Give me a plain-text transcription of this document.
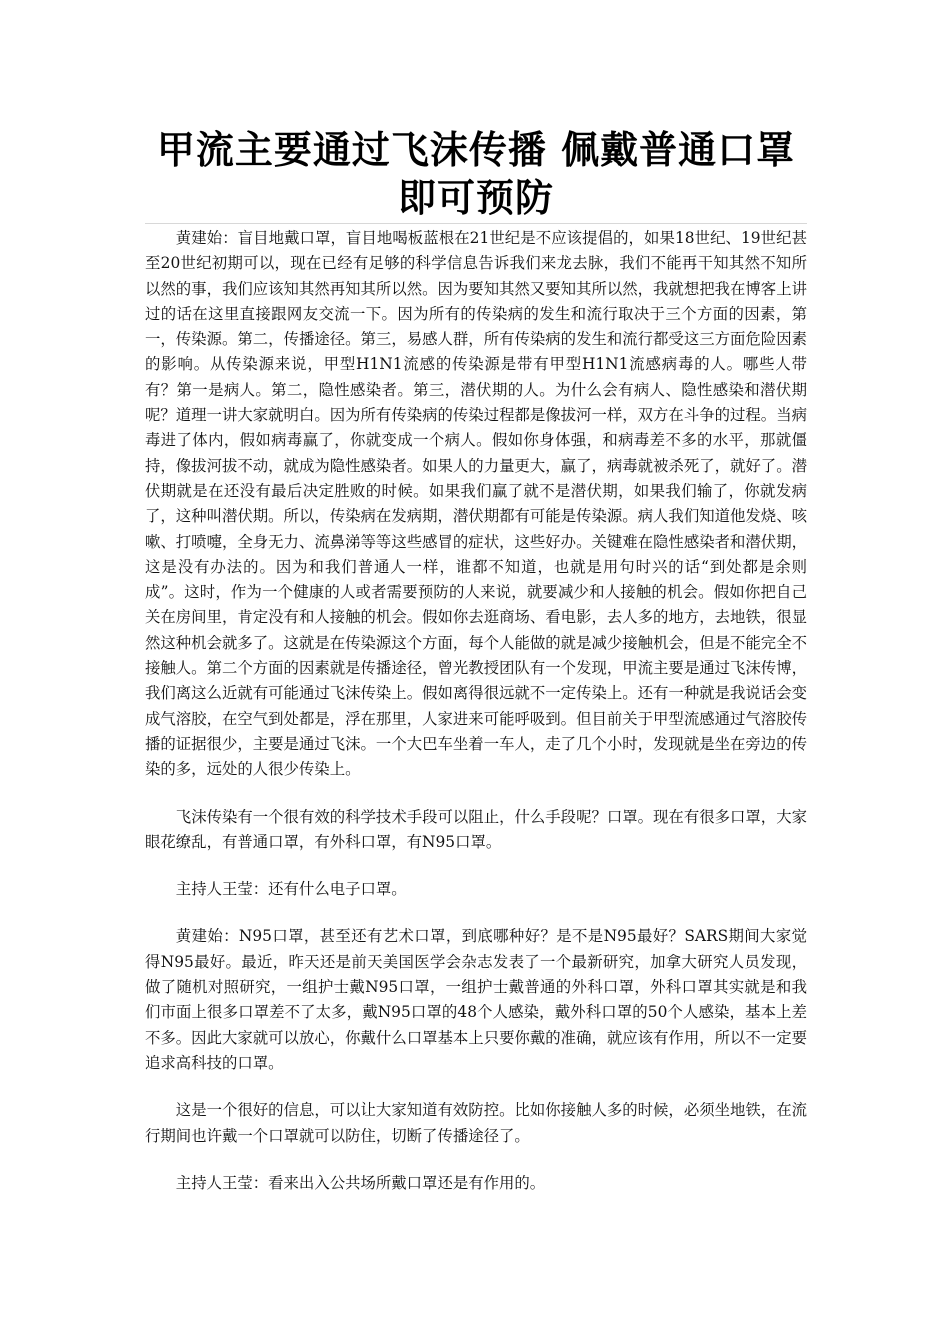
甲流主要通过飞沫传播 佩戴普通口罩即可预防

黄建始：盲目地戴口罩，盲目地喝板蓝根在21世纪是不应该提倡的，如果18世纪、19世纪甚至20世纪初期可以，现在已经有足够的科学信息告诉我们来龙去脉，我们不能再干知其然不知所以然的事，我们应该知其然再知其所以然。因为要知其然又要知其所以然，我就想把我在博客上讲过的话在这里直接跟网友交流一下。因为所有的传染病的发生和流行取决于三个方面的因素，第一，传染源。第二，传播途径。第三，易感人群，所有传染病的发生和流行都受这三方面危险因素的影响。从传染源来说，甲型H1N1流感的传染源是带有甲型H1N1流感病毒的人。哪些人带有？第一是病人。第二，隐性感染者。第三，潜伏期的人。为什么会有病人、隐性感染和潜伏期呢？道理一讲大家就明白。因为所有传染病的传染过程都是像拔河一样，双方在斗争的过程。当病毒进了体内，假如病毒赢了，你就变成一个病人。假如你身体强，和病毒差不多的水平，那就僵持，像拔河拔不动，就成为隐性感染者。如果人的力量更大，赢了，病毒就被杀死了，就好了。潜伏期就是在还没有最后决定胜败的时候。如果我们赢了就不是潜伏期，如果我们输了，你就发病了，这种叫潜伏期。所以，传染病在发病期，潜伏期都有可能是传染源。病人我们知道他发烧、咳嗽、打喷嚏，全身无力、流鼻涕等等这些感冒的症状，这些好办。关键难在隐性感染者和潜伏期，这是没有办法的。因为和我们普通人一样，谁都不知道，也就是用句时兴的话“到处都是余则成”。这时，作为一个健康的人或者需要预防的人来说，就要减少和人接触的机会。假如你把自己关在房间里，肯定没有和人接触的机会。假如你去逛商场、看电影，去人多的地方，去地铁，很显然这种机会就多了。这就是在传染源这个方面，每个人能做的就是减少接触机会，但是不能完全不接触人。第二个方面的因素就是传播途径，曾光教授团队有一个发现，甲流主要是通过飞沫传博，我们离这么近就有可能通过飞沫传染上。假如离得很远就不一定传染上。还有一种就是我说话会变成气溶胶，在空气到处都是，浮在那里，人家进来可能呼吸到。但目前关于甲型流感通过气溶胶传播的证据很少，主要是通过飞沫。一个大巴车坐着一车人，走了几个小时，发现就是坐在旁边的传染的多，远处的人很少传染上。

飞沫传染有一个很有效的科学技术手段可以阻止，什么手段呢？口罩。现在有很多口罩，大家眼花缭乱，有普通口罩，有外科口罩，有N95口罩。

主持人王莹：还有什么电子口罩。

黄建始：N95口罩，甚至还有艺术口罩，到底哪种好？是不是N95最好？SARS期间大家觉得N95最好。最近，昨天还是前天美国医学会杂志发表了一个最新研究，加拿大研究人员发现，做了随机对照研究，一组护士戴N95口罩，一组护士戴普通的外科口罩，外科口罩其实就是和我们市面上很多口罩差不了太多，戴N95口罩的48个人感染，戴外科口罩的50个人感染，基本上差不多。因此大家就可以放心，你戴什么口罩基本上只要你戴的准确，就应该有作用，所以不一定要追求高科技的口罩。

这是一个很好的信息，可以让大家知道有效防控。比如你接触人多的时候，必须坐地铁，在流行期间也许戴一个口罩就可以防住，切断了传播途径了。

主持人王莹：看来出入公共场所戴口罩还是有作用的。
